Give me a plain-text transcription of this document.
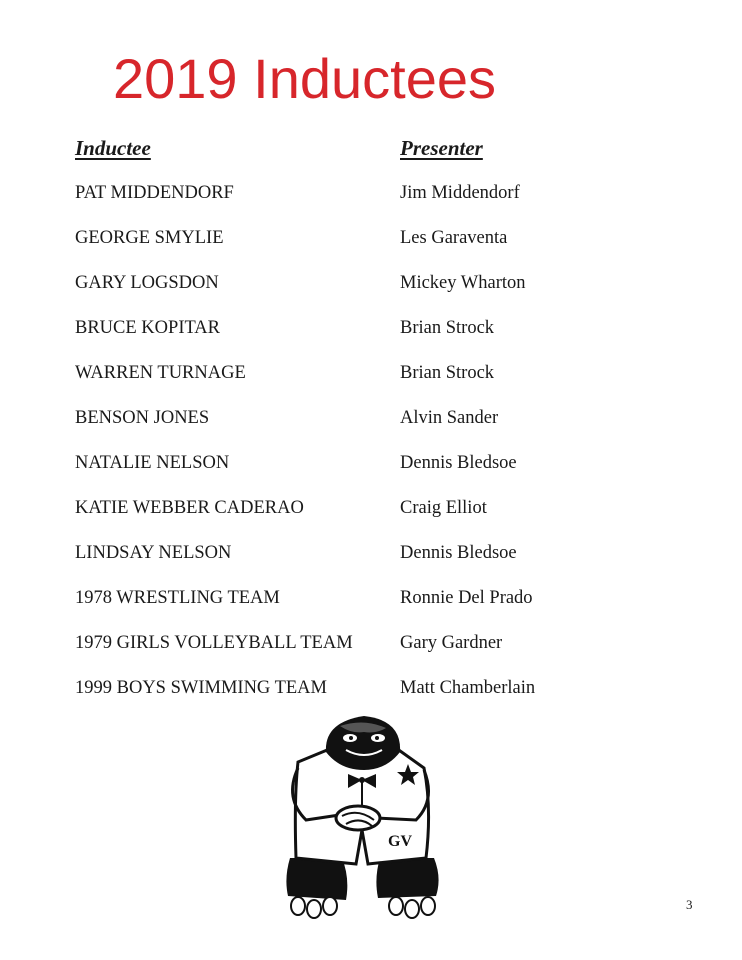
2019 Inductees
Inductee	Presenter
PAT MIDDENDORF	Jim Middendorf
GEORGE SMYLIE	Les Garaventa
GARY LOGSDON	Mickey Wharton
BRUCE KOPITAR	Brian Strock
WARREN TURNAGE	Brian Strock
BENSON JONES	Alvin Sander
NATALIE NELSON	Dennis Bledsoe
KATIE WEBBER CADERAO	Craig Elliot
LINDSAY NELSON	Dennis Bledsoe
1978 WRESTLING TEAM	Ronnie Del Prado
1979 GIRLS VOLLEYBALL TEAM	Gary Gardner
1999 BOYS SWIMMING TEAM	Matt Chamberlain
GV
3
